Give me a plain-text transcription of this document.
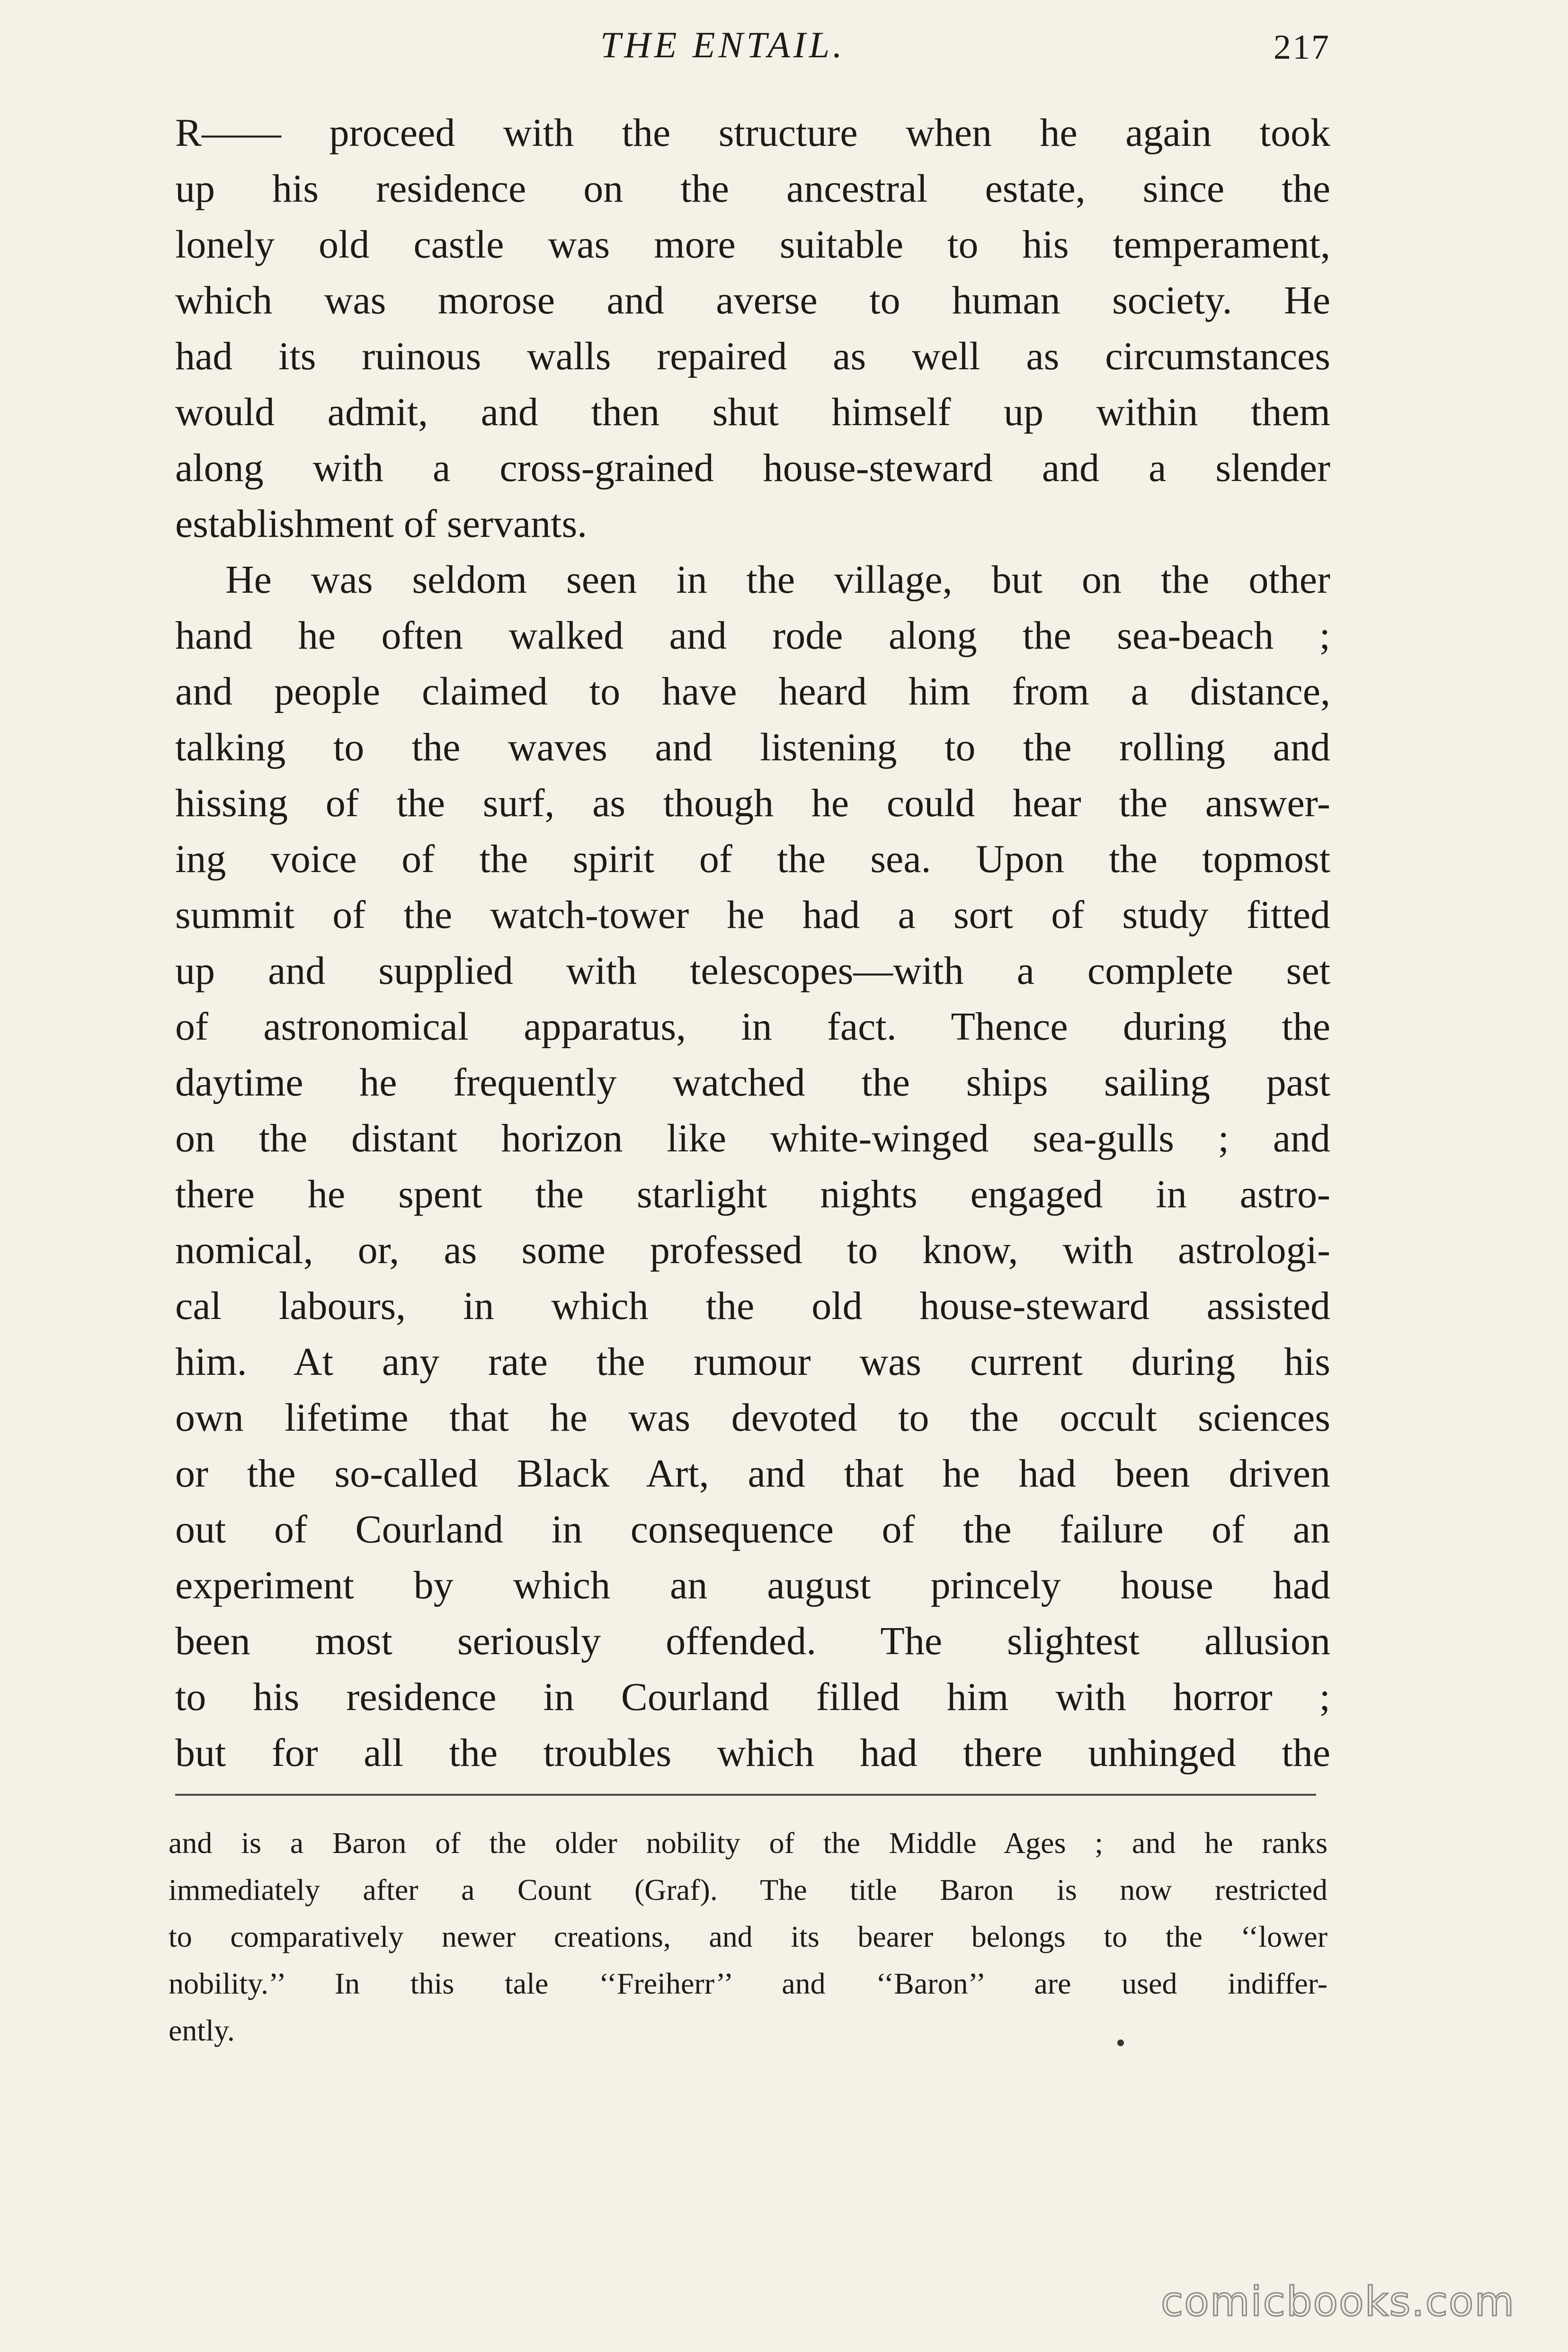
THE ENTAIL.	217
R—— proceed with the structure when he again took
up his residence on the ancestral estate, since the
lonely old castle was more suitable to his temperament,
which was morose and averse to human society. He
had its ruinous walls repaired as well as circumstances
would admit, and then shut himself up within them
along with a cross-grained house-steward and a slender
establishment of servants.
He was seldom seen in the village, but on the other
hand he often walked and rode along the sea-beach ;
and people claimed to have heard him from a distance,
talking to the waves and listening to the rolling and
hissing of the surf, as though he could hear the answer-
ing voice of the spirit of the sea. Upon the topmost
summit of the watch-tower he had a sort of study fitted
up and supplied with telescopes—with a complete set
of astronomical apparatus, in fact. Thence during the
daytime he frequently watched the ships sailing past
on the distant horizon like white-winged sea-gulls ; and
there he spent the starlight nights engaged in astro-
nomical, or, as some professed to know, with astrologi-
cal labours, in which the old house-steward assisted
him. At any rate the rumour was current during his
own lifetime that he was devoted to the occult sciences
or the so-called Black Art, and that he had been driven
out of Courland in consequence of the failure of an
experiment by which an august princely house had
been most seriously offended. The slightest allusion
to his residence in Courland filled him with horror ;
but for all the troubles which had there unhinged the
and is a Baron of the older nobility of the Middle Ages ; and he ranks
immediately after a Count (Graf). The title Baron is now restricted
to comparatively newer creations, and its bearer belongs to the ‘‘lower
nobility.’’ In this tale ‘‘Freiherr’’ and ‘‘Baron’’ are used indiffer-
ently.
comicbooks.com
